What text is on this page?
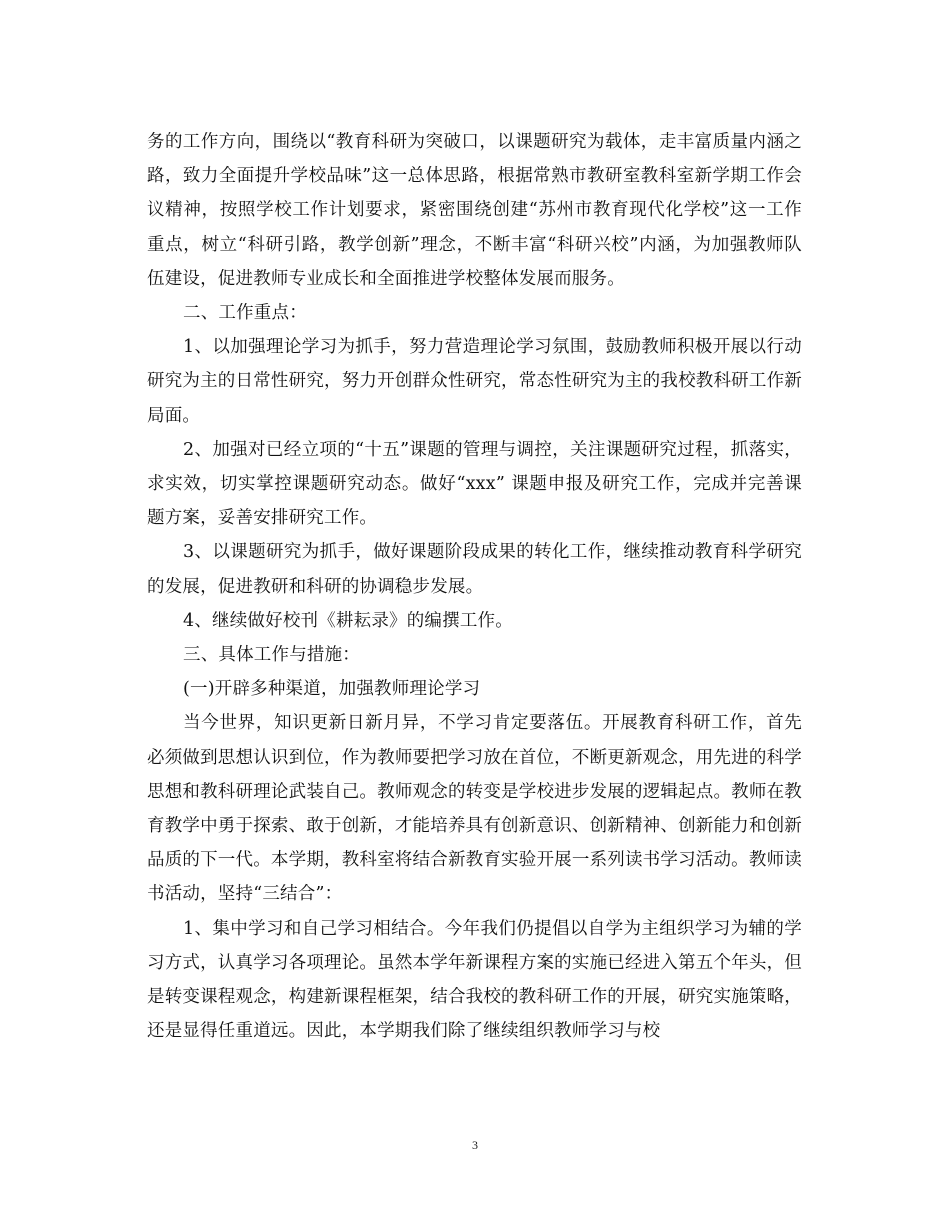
务的工作方向，围绕以“教育科研为突破口，以课题研究为载体，走丰富质量内涵之路，致力全面提升学校品味”这一总体思路，根据常熟市教研室教科室新学期工作会议精神，按照学校工作计划要求，紧密围绕创建“苏州市教育现代化学校”这一工作重点，树立“科研引路，教学创新”理念，不断丰富“科研兴校”内涵，为加强教师队伍建设，促进教师专业成长和全面推进学校整体发展而服务。

二、工作重点：

1、以加强理论学习为抓手，努力营造理论学习氛围，鼓励教师积极开展以行动研究为主的日常性研究，努力开创群众性研究，常态性研究为主的我校教科研工作新局面。

2、加强对已经立项的“十五”课题的管理与调控，关注课题研究过程，抓落实，求实效，切实掌控课题研究动态。做好“xxx” 课题申报及研究工作，完成并完善课题方案，妥善安排研究工作。

3、以课题研究为抓手，做好课题阶段成果的转化工作，继续推动教育科学研究的发展，促进教研和科研的协调稳步发展。

4、继续做好校刊《耕耘录》的编撰工作。

三、具体工作与措施：

(一)开辟多种渠道，加强教师理论学习

当今世界，知识更新日新月异，不学习肯定要落伍。开展教育科研工作，首先必须做到思想认识到位，作为教师要把学习放在首位，不断更新观念，用先进的科学思想和教科研理论武装自己。教师观念的转变是学校进步发展的逻辑起点。教师在教育教学中勇于探索、敢于创新，才能培养具有创新意识、创新精神、创新能力和创新品质的下一代。本学期，教科室将结合新教育实验开展一系列读书学习活动。教师读书活动，坚持“三结合”：

1、集中学习和自己学习相结合。今年我们仍提倡以自学为主组织学习为辅的学习方式，认真学习各项理论。虽然本学年新课程方案的实施已经进入第五个年头，但是转变课程观念，构建新课程框架，结合我校的教科研工作的开展，研究实施策略，还是显得任重道远。因此，本学期我们除了继续组织教师学习与校

3
